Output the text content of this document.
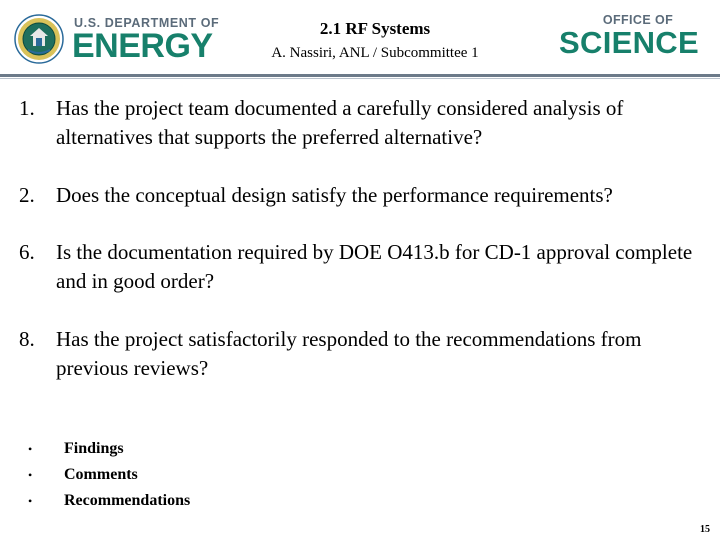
U.S. DEPARTMENT OF
ENERGY	2.1 RF Systems
A. Nassiri, ANL / Subcommittee 1
OFFICE OF
SCIENCE
1.	Has the project team documented a carefully considered analysis of alternatives that supports the preferred alternative?
2.	Does the conceptual design satisfy the performance requirements?
6.	Is the documentation required by DOE O413.b for CD-1 approval complete and in good order?
8.	Has the project satisfactorily responded to the recommendations from previous reviews?
• Findings
• Comments
• Recommendations
15
